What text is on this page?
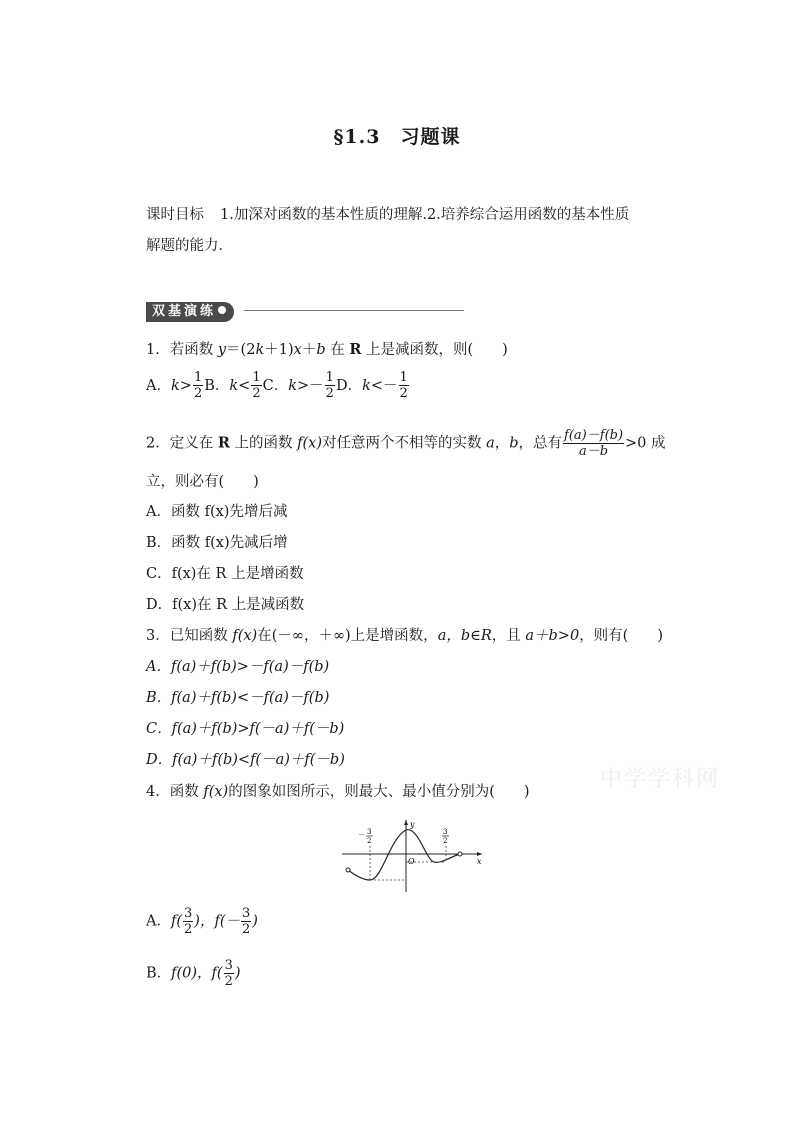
§1.3　习题课
课时目标 1.加深对函数的基本性质的理解.2.培养综合运用函数的基本性质
解题的能力．
双基演练
1．若函数 y＝(2k＋1)x＋b 在 R 上是减函数，则(　　)
A．$k> \frac{1}{2}$ B．$k< \frac{1}{2}$ C．$k>- \frac{1}{2}$ D．$k<- \frac{1}{2}$
2．定义在 R 上的函数 f(x)对任意两个不相等的实数 a，b，总有 $\frac{f(a)-f(b)}{a-b} >0$ 成
立，则必有(　　)
A．函数 f(x)先增后减
B．函数 f(x)先减后增
C．f(x)在 R 上是增函数
D．f(x)在 R 上是减函数
3．已知函数 f(x)在(－∞，＋∞)上是增函数，a，b∈R，且 a＋b>0，则有(　　)
A．f(a)＋f(b)>－f(a)－f(b)
B．f(a)＋f(b)<－f(a)－f(b)
C．f(a)＋f(b)>f(－a)＋f(－b)
D．f(a)＋f(b)<f(－a)＋f(－b)
中学学科网
4．函数 f(x)的图象如图所示，则最大、最小值分别为(　　)
y
x
O
－ 3
2
3
2
A．$f( \frac{3}{2}$ )，$f(- \frac{3}{2}$ )
B．f(0)，$f( \frac{3}{2}$ )
